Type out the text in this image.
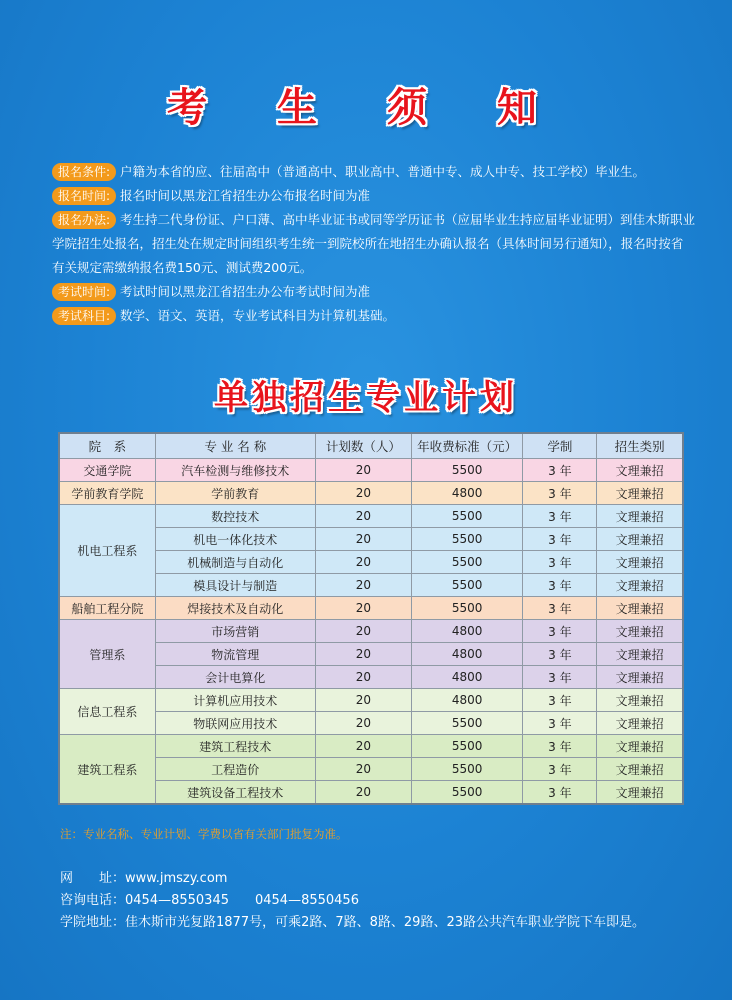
考 生 须 知
报名条件: 户籍为本省的应、往届高中（普通高中、职业高中、普通中专、成人中专、技工学校）毕业生。
报名时间: 报名时间以黑龙江省招生办公布报名时间为准
报名办法: 考生持二代身份证、户口薄、高中毕业证书或同等学历证书（应届毕业生持应届毕业证明）到佳木斯职业
学院招生处报名，招生处在规定时间组织考生统一到院校所在地招生办确认报名（具体时间另行通知），报名时按省
有关规定需缴纳报名费150元、测试费200元。
考试时间: 考试时间以黑龙江省招生办公布考试时间为准
考试科目: 数学、语文、英语，专业考试科目为计算机基础。
单独招生专业计划
院　系	专 业 名 称	计划数（人）	年收费标准（元）	学制	招生类别
交通学院	汽车检测与维修技术	20	5500	3 年	文理兼招
学前教育学院	学前教育	20	4800	3 年	文理兼招
机电工程系	数控技术	20	5500	3 年	文理兼招
	机电一体化技术	20	5500	3 年	文理兼招
	机械制造与自动化	20	5500	3 年	文理兼招
	模具设计与制造	20	5500	3 年	文理兼招
船舶工程分院	焊接技术及自动化	20	5500	3 年	文理兼招
管理系	市场营销	20	4800	3 年	文理兼招
	物流管理	20	4800	3 年	文理兼招
	会计电算化	20	4800	3 年	文理兼招
信息工程系	计算机应用技术	20	4800	3 年	文理兼招
	物联网应用技术	20	5500	3 年	文理兼招
建筑工程系	建筑工程技术	20	5500	3 年	文理兼招
	工程造价	20	5500	3 年	文理兼招
	建筑设备工程技术	20	5500	3 年	文理兼招
注：专业名称、专业计划、学费以省有关部门批复为准。
网　　址：www.jmszy.com
咨询电话：0454—8550345　　0454—8550456
学院地址：佳木斯市光复路1877号，可乘2路、7路、8路、29路、23路公共汽车职业学院下车即是。
